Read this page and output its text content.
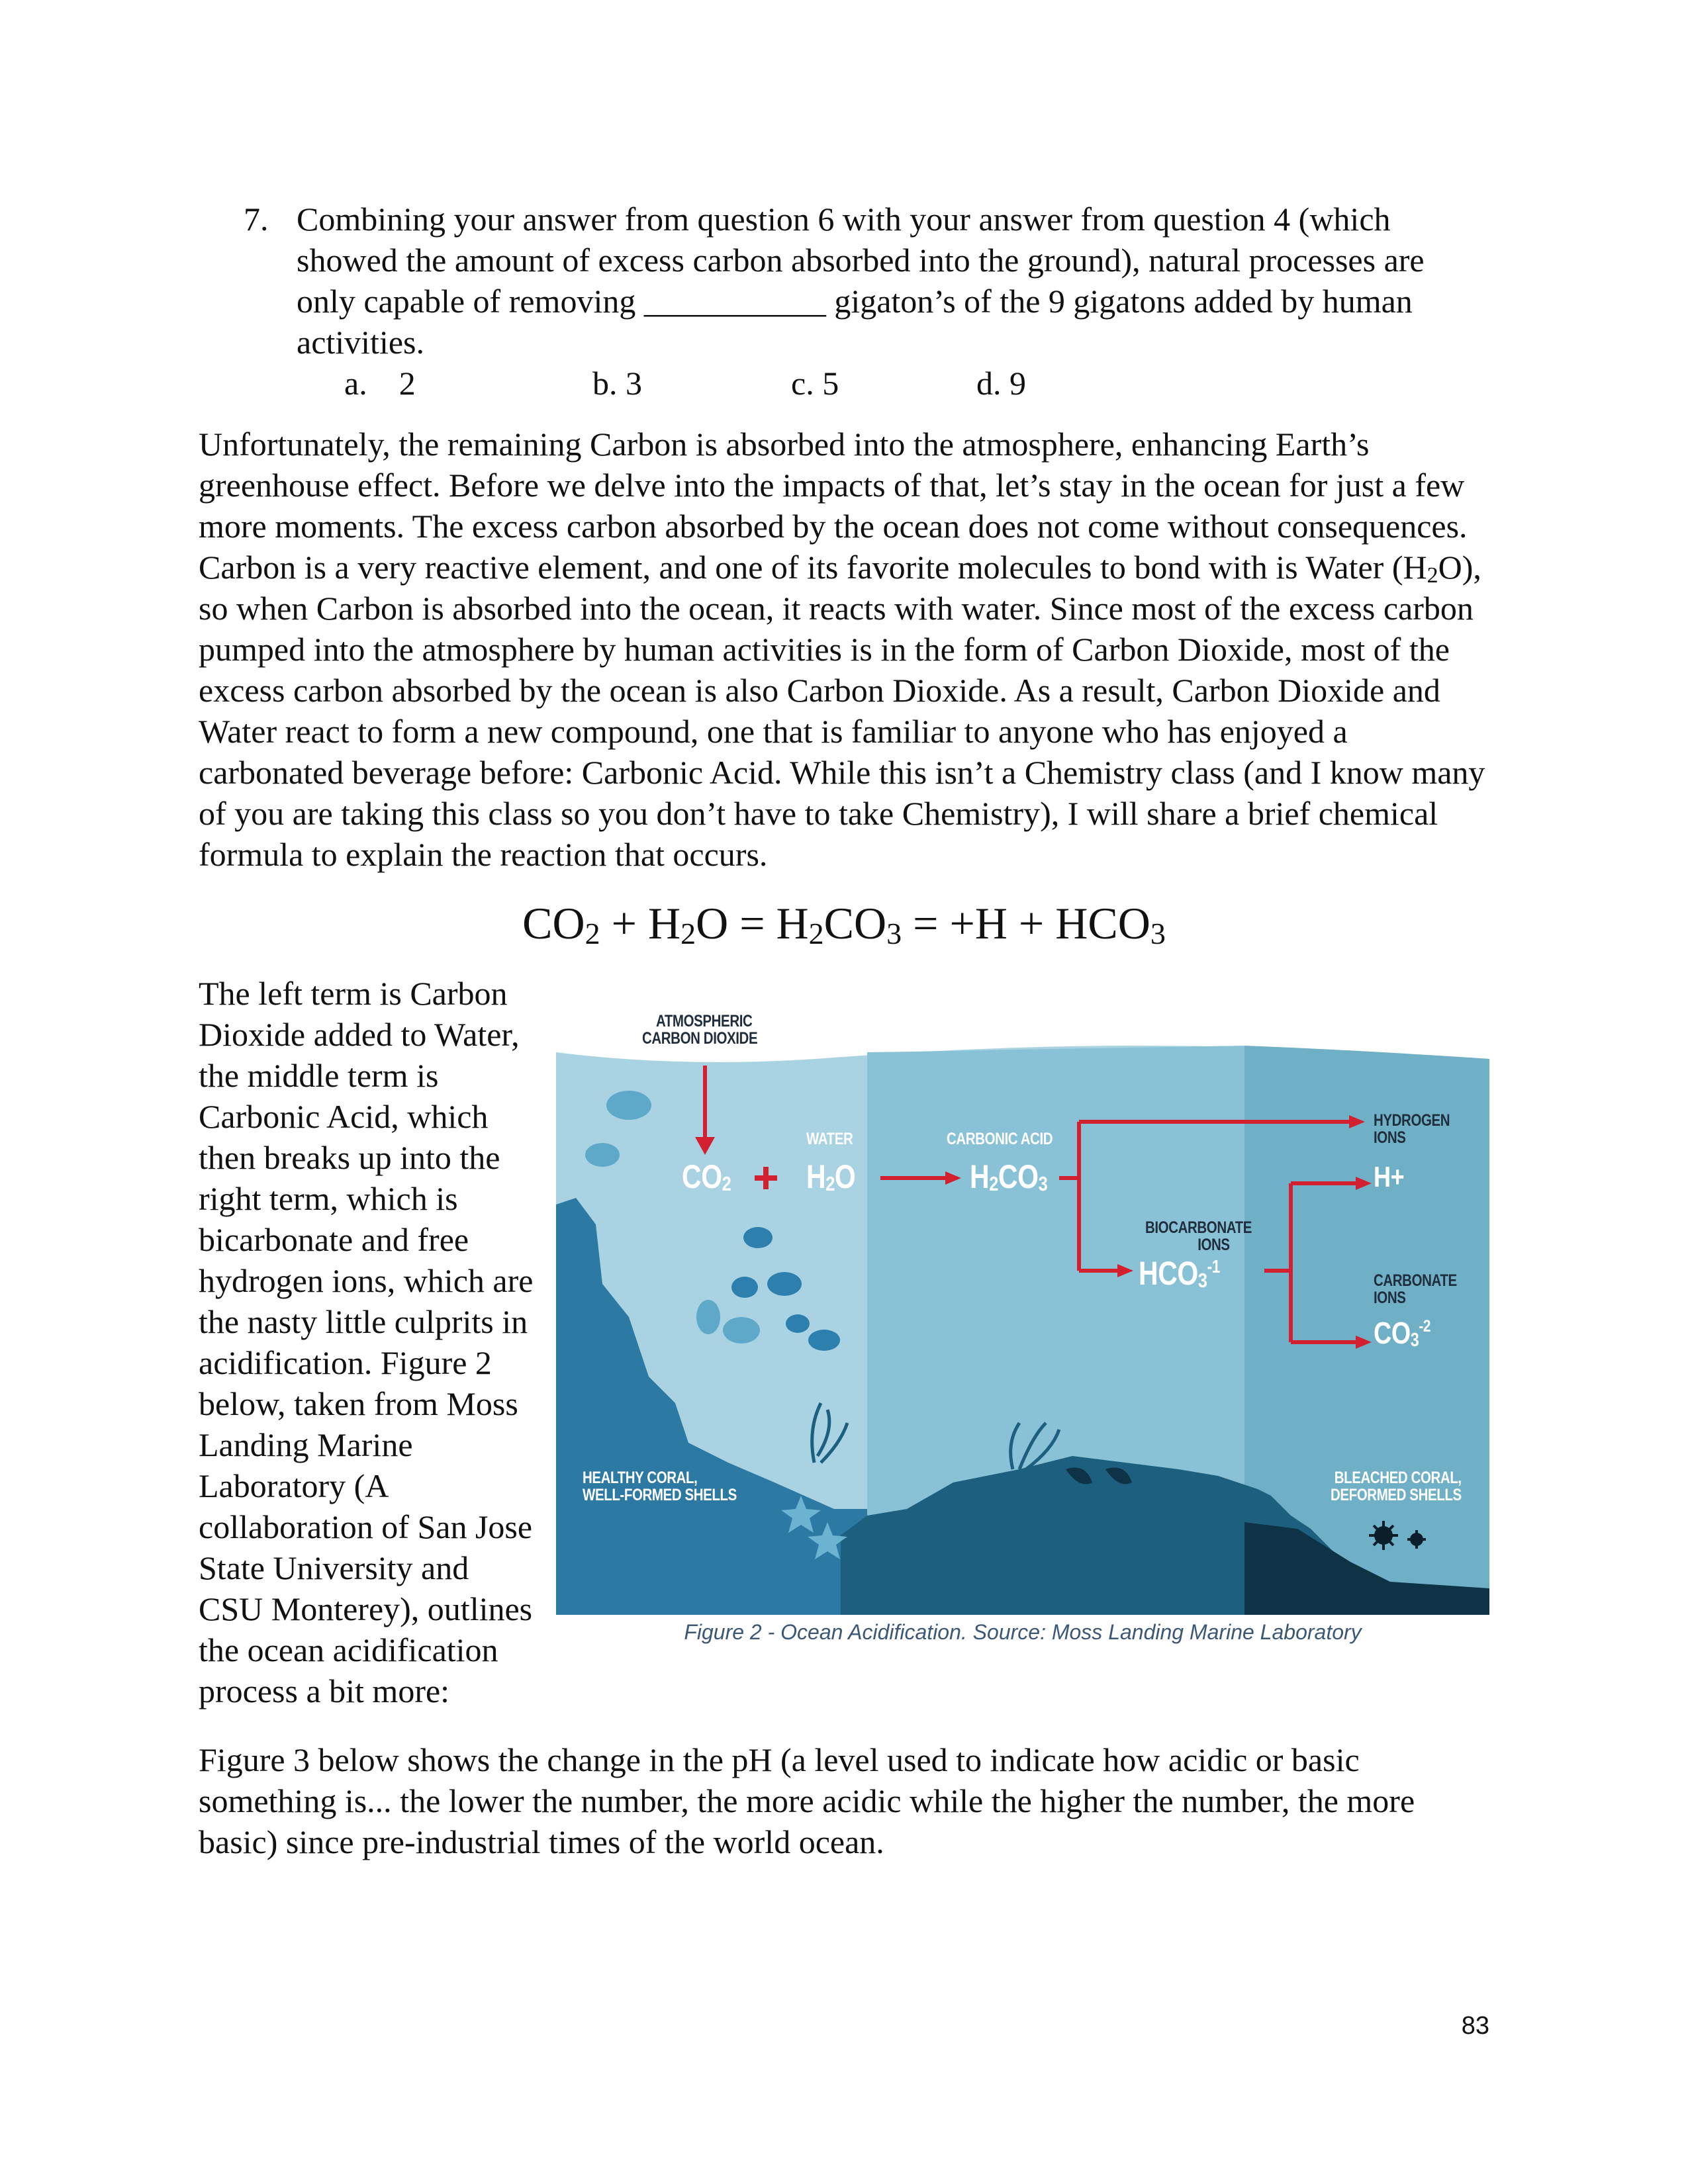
7. Combining your answer from question 6 with your answer from question 4 (which
showed the amount of excess carbon absorbed into the ground), natural processes are
only capable of removing ___________ gigaton’s of the 9 gigatons added by human
activities.
a. 2	b. 3	c. 5	d. 9
Unfortunately, the remaining Carbon is absorbed into the atmosphere, enhancing Earth’s
greenhouse effect. Before we delve into the impacts of that, let’s stay in the ocean for just a few
more moments. The excess carbon absorbed by the ocean does not come without consequences.
Carbon is a very reactive element, and one of its favorite molecules to bond with is Water $(H_2O)$,
so when Carbon is absorbed into the ocean, it reacts with water. Since most of the excess carbon
pumped into the atmosphere by human activities is in the form of Carbon Dioxide, most of the
excess carbon absorbed by the ocean is also Carbon Dioxide. As a result, Carbon Dioxide and
Water react to form a new compound, one that is familiar to anyone who has enjoyed a
carbonated beverage before: Carbonic Acid. While this isn’t a Chemistry class (and I know many
of you are taking this class so you don’t have to take Chemistry), I will share a brief chemical
formula to explain the reaction that occurs.
$CO_2 + H_2O = H_2CO_3 = +H + HCO_3$
The left term is Carbon
Dioxide added to Water,
the middle term is
Carbonic Acid, which
then breaks up into the
right term, which is
bicarbonate and free
hydrogen ions, which are
the nasty little culprits in
acidification. Figure 2
below, taken from Moss
Landing Marine
Laboratory (A
collaboration of San Jose
State University and
CSU Monterey), outlines
the ocean acidification
process a bit more:
ATMOSPHERIC
CARBON DIOXIDE
$CO_2$
WATER
$H_2O$
CARBONIC ACID
$H_2CO_3$
BIOCARBONATE
IONS
$HCO_3^{-1}$
HYDROGEN
IONS
H+
CARBONATE
IONS
$CO_3^{-2}$
HEALTHY CORAL,
WELL-FORMED SHELLS
BLEACHED CORAL,
DEFORMED SHELLS
Figure 2 - Ocean Acidification. Source: Moss Landing Marine Laboratory
Figure 3 below shows the change in the pH (a level used to indicate how acidic or basic
something is... the lower the number, the more acidic while the higher the number, the more
basic) since pre-industrial times of the world ocean.
83
